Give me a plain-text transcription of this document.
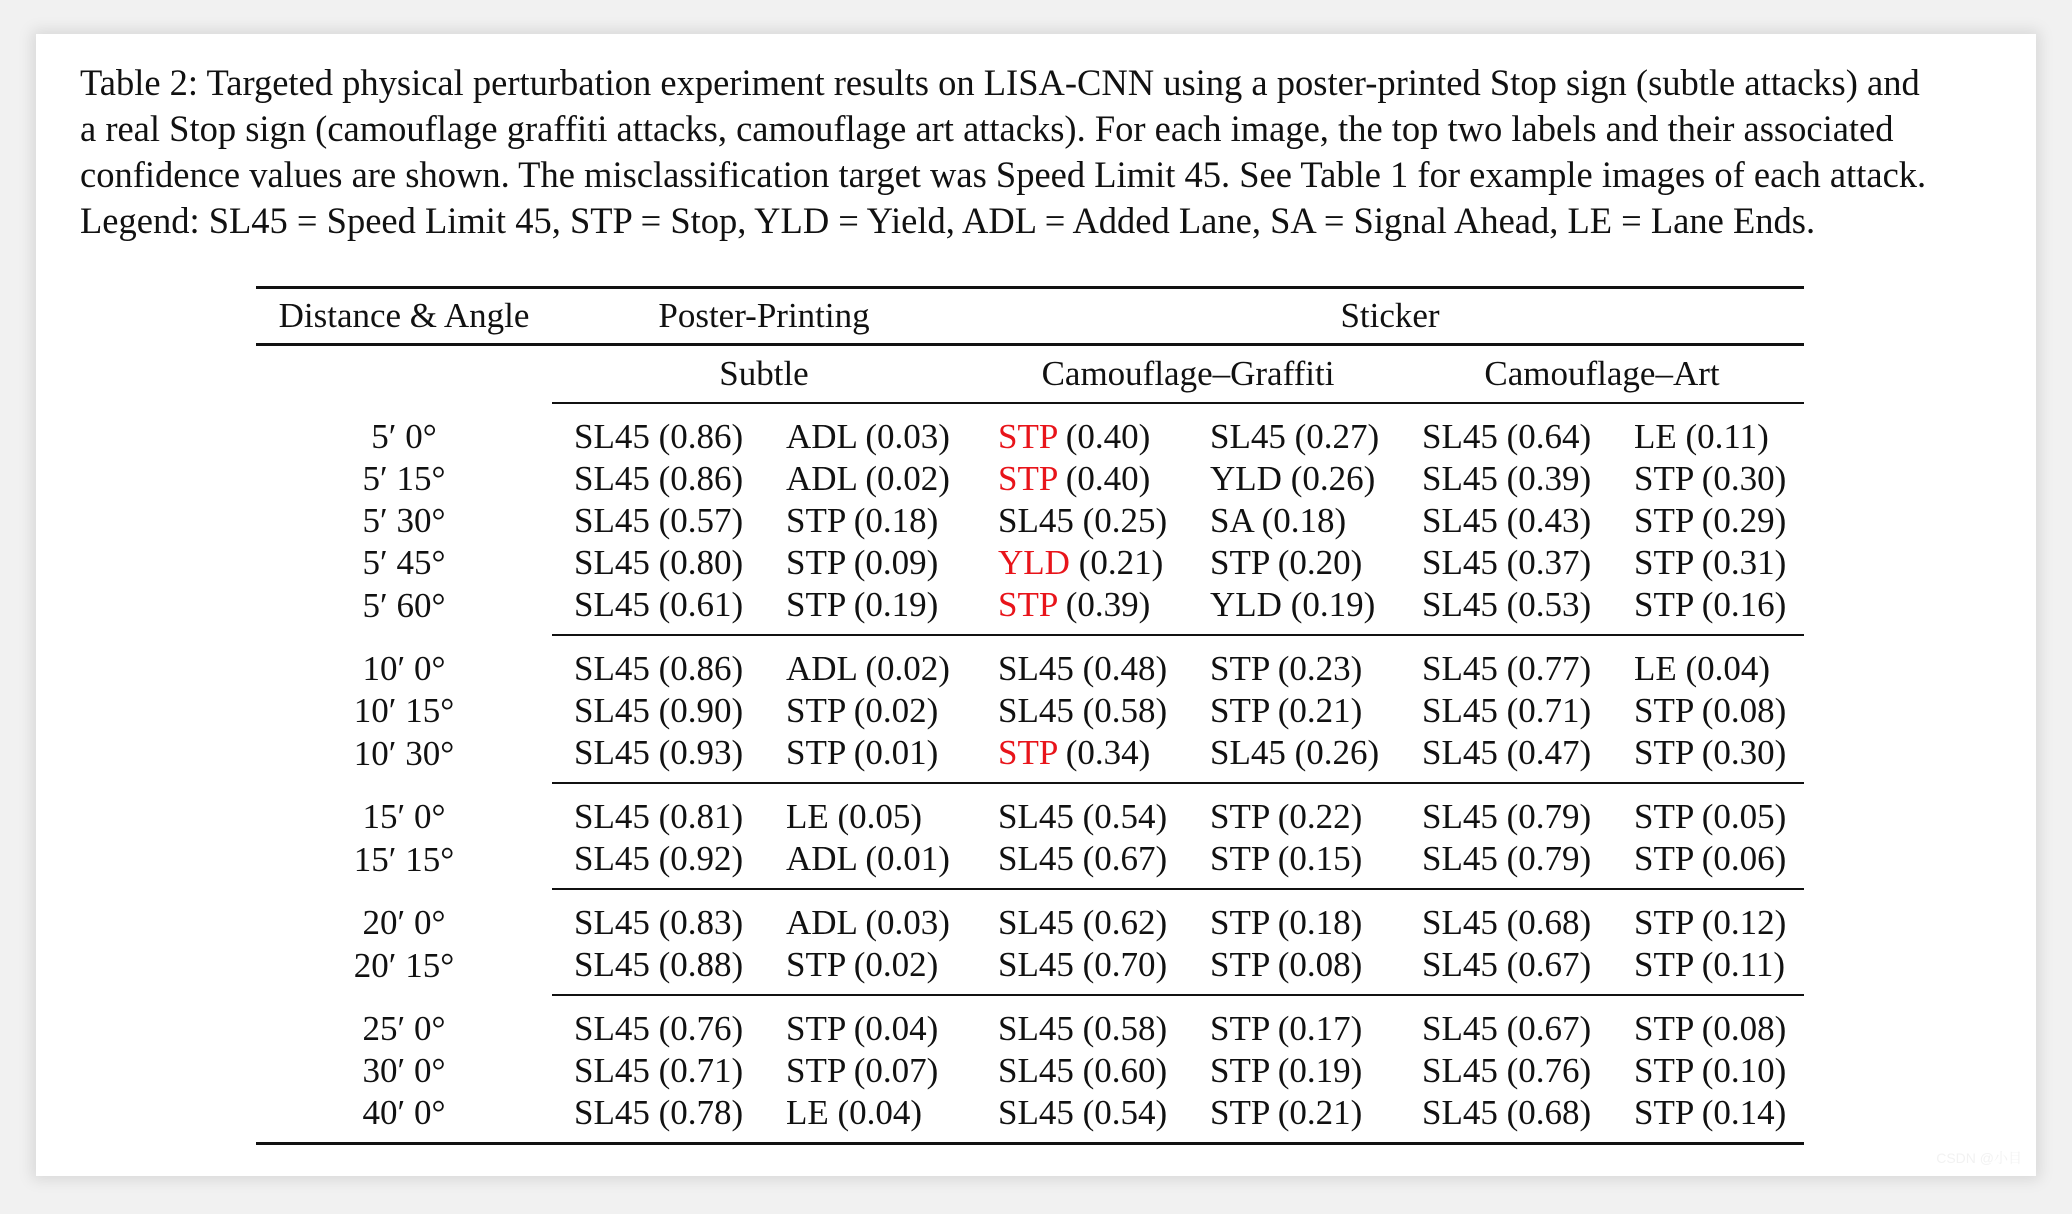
Table 2: Targeted physical perturbation experiment results on LISA-CNN using a poster-printed Stop sign (subtle attacks) and
a real Stop sign (camouflage graffiti attacks, camouflage art attacks). For each image, the top two labels and their associated
confidence values are shown. The misclassification target was Speed Limit 45. See Table 1 for example images of each attack.
Legend: SL45 = Speed Limit 45, STP = Stop, YLD = Yield, ADL = Added Lane, SA = Signal Ahead, LE = Lane Ends.
Distance & Angle	Poster-Printing		Sticker				
	Subtle		Camouflage–Graffiti		Camouflage–Art		
5′ 0°	SL45 (0.86)	ADL (0.03)	STP (0.40)	SL45 (0.27)	SL45 (0.64)	LE (0.11)	
5′ 15°	SL45 (0.86)	ADL (0.02)	STP (0.40)	YLD (0.26)	SL45 (0.39)	STP (0.30)	
5′ 30°	SL45 (0.57)	STP (0.18)	SL45 (0.25)	SA (0.18)	SL45 (0.43)	STP (0.29)	
5′ 45°	SL45 (0.80)	STP (0.09)	YLD (0.21)	STP (0.20)	SL45 (0.37)	STP (0.31)	
5′ 60°	SL45 (0.61)	STP (0.19)	STP (0.39)	YLD (0.19)	SL45 (0.53)	STP (0.16)	
10′ 0°	SL45 (0.86)	ADL (0.02)	SL45 (0.48)	STP (0.23)	SL45 (0.77)	LE (0.04)	
10′ 15°	SL45 (0.90)	STP (0.02)	SL45 (0.58)	STP (0.21)	SL45 (0.71)	STP (0.08)	
10′ 30°	SL45 (0.93)	STP (0.01)	STP (0.34)	SL45 (0.26)	SL45 (0.47)	STP (0.30)	
15′ 0°	SL45 (0.81)	LE (0.05)	SL45 (0.54)	STP (0.22)	SL45 (0.79)	STP (0.05)	
15′ 15°	SL45 (0.92)	ADL (0.01)	SL45 (0.67)	STP (0.15)	SL45 (0.79)	STP (0.06)	
20′ 0°	SL45 (0.83)	ADL (0.03)	SL45 (0.62)	STP (0.18)	SL45 (0.68)	STP (0.12)	
20′ 15°	SL45 (0.88)	STP (0.02)	SL45 (0.70)	STP (0.08)	SL45 (0.67)	STP (0.11)	
25′ 0°	SL45 (0.76)	STP (0.04)	SL45 (0.58)	STP (0.17)	SL45 (0.67)	STP (0.08)	
30′ 0°	SL45 (0.71)	STP (0.07)	SL45 (0.60)	STP (0.19)	SL45 (0.76)	STP (0.10)	
40′ 0°	SL45 (0.78)	LE (0.04)	SL45 (0.54)	STP (0.21)	SL45 (0.68)	STP (0.14)	
CSDN @小目
